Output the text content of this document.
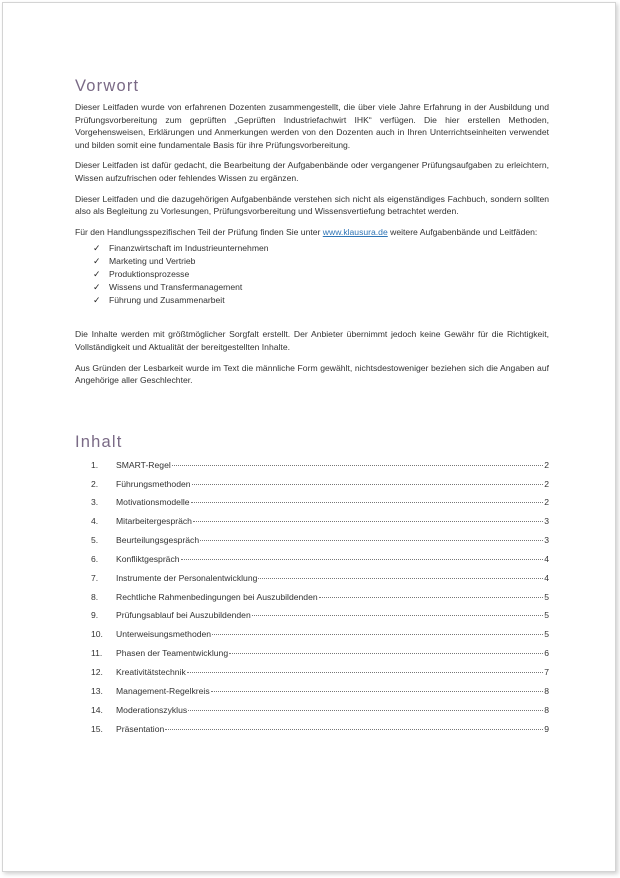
Vorwort

Dieser Leitfaden wurde von erfahrenen Dozenten zusammengestellt, die über viele Jahre Erfahrung in der Ausbildung und Prüfungsvorbereitung zum geprüften „Geprüften Industriefachwirt IHK“ verfügen. Die hier erstellen Methoden, Vorgehensweisen, Erklärungen und Anmerkungen werden von den Dozenten auch in Ihren Unterrichtseinheiten verwendet und bilden somit eine fundamentale Basis für ihre Prüfungsvorbereitung.

Dieser Leitfaden ist dafür gedacht, die Bearbeitung der Aufgabenbände oder vergangener Prüfungsaufgaben zu erleichtern, Wissen aufzufrischen oder fehlendes Wissen zu ergänzen.

Dieser Leitfaden und die dazugehörigen Aufgabenbände verstehen sich nicht als eigenständiges Fachbuch, sondern sollten also als Begleitung zu Vorlesungen, Prüfungsvorbereitung und Wissensvertiefung betrachtet werden.

Für den Handlungsspezifischen Teil der Prüfung finden Sie unter www.klausura.de weitere Aufgabenbände und Leitfäden:

✓ Finanzwirtschaft im Industrieunternehmen
✓ Marketing und Vertrieb
✓ Produktionsprozesse
✓ Wissens und Transfermanagement
✓ Führung und Zusammenarbeit

Die Inhalte werden mit größtmöglicher Sorgfalt erstellt. Der Anbieter übernimmt jedoch keine Gewähr für die Richtigkeit, Vollständigkeit und Aktualität der bereitgestellten Inhalte.

Aus Gründen der Lesbarkeit wurde im Text die männliche Form gewählt, nichtsdestoweniger beziehen sich die Angaben auf Angehörige aller Geschlechter.

Inhalt
1.	SMART-Regel	2
2.	Führungsmethoden	2
3.	Motivationsmodelle	2
4.	Mitarbeitergespräch	3
5.	Beurteilungsgespräch	3
6.	Konfliktgespräch	4
7.	Instrumente der Personalentwicklung	4
8.	Rechtliche Rahmenbedingungen bei Auszubildenden	5
9.	Prüfungsablauf bei Auszubildenden	5
10.	Unterweisungsmethoden	5
11.	Phasen der Teamentwicklung	6
12.	Kreativitätstechnik	7
13.	Management-Regelkreis	8
14.	Moderationszyklus	8
15.	Präsentation	9
